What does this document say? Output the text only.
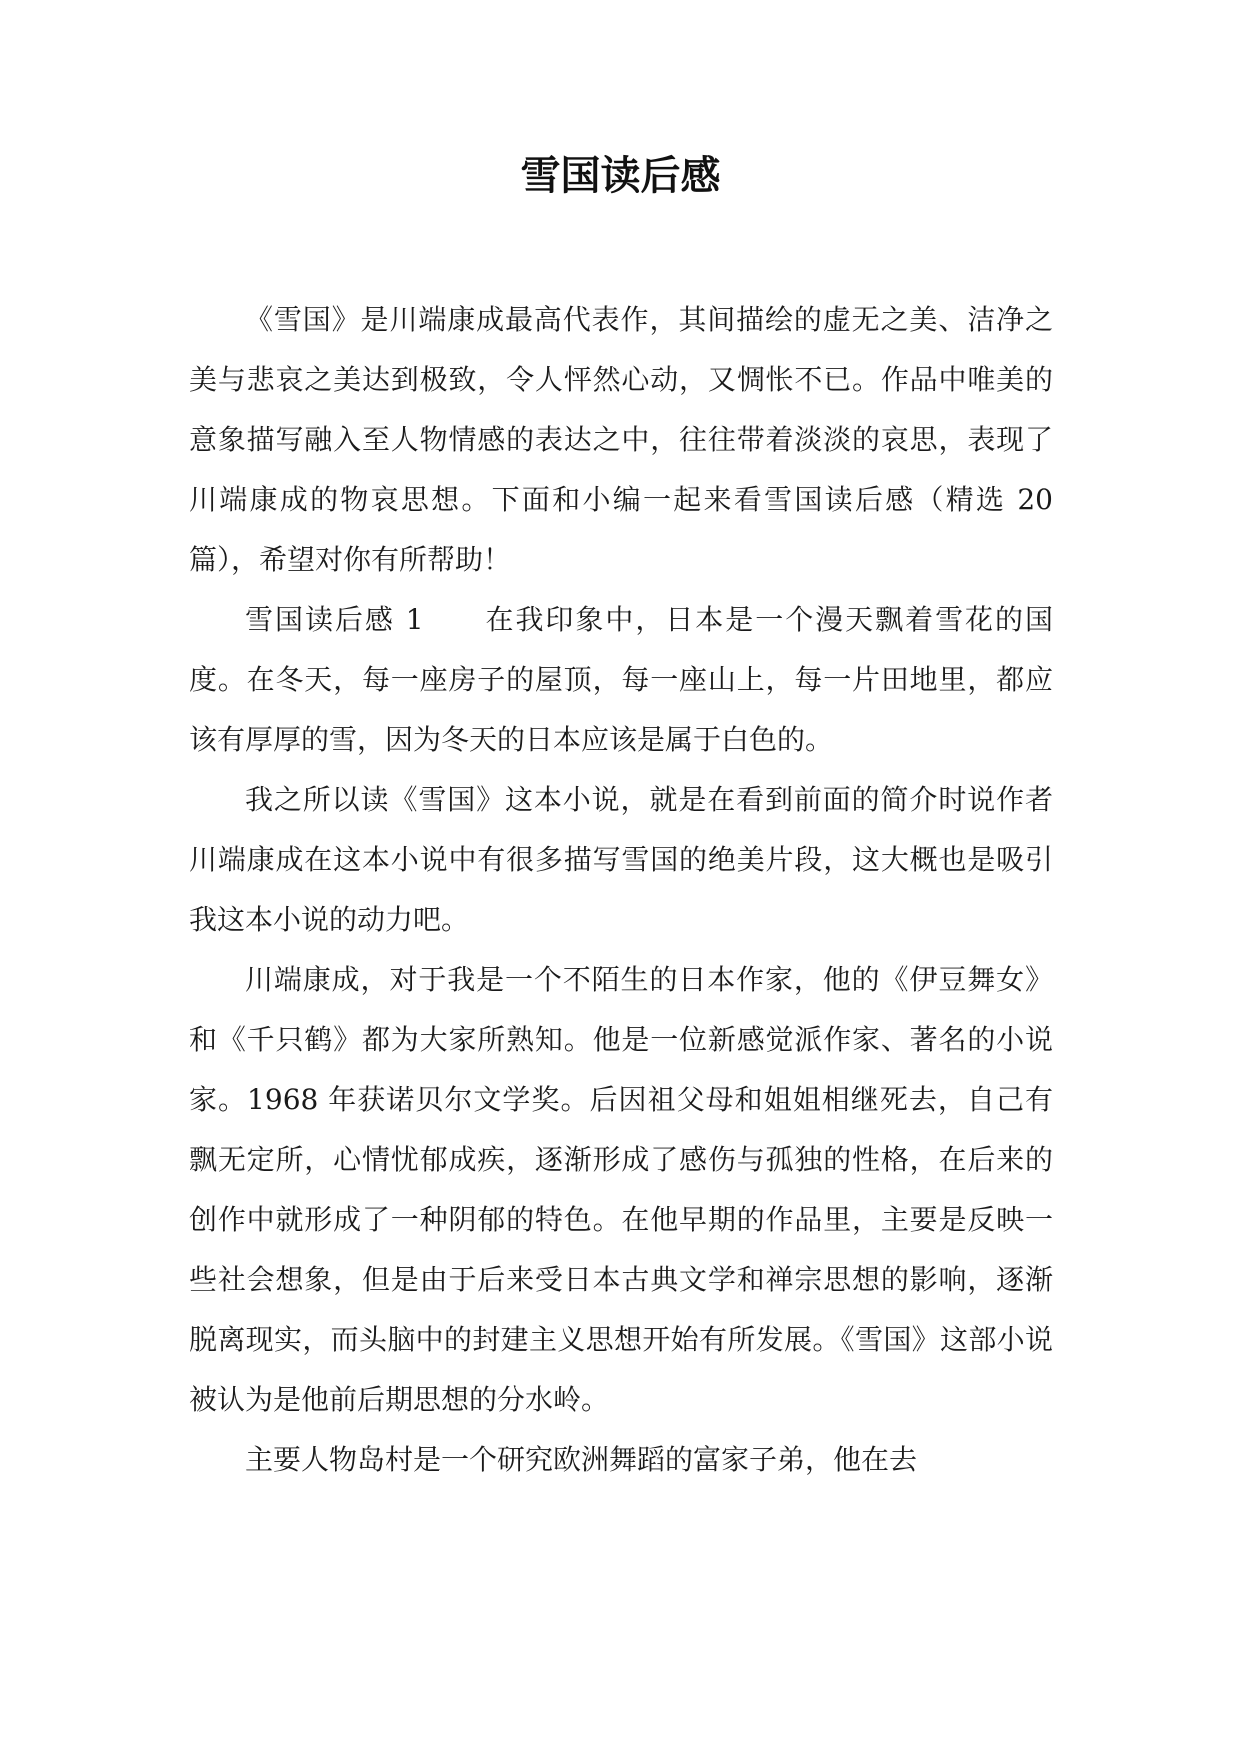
雪国读后感

《雪国》是川端康成最高代表作，其间描绘的虚无之美、洁净之美与悲哀之美达到极致，令人怦然心动，又惆怅不已。作品中唯美的意象描写融入至人物情感的表达之中，往往带着淡淡的哀思，表现了川端康成的物哀思想。下面和小编一起来看雪国读后感（精选 20 篇），希望对你有所帮助！

雪国读后感 1　　在我印象中，日本是一个漫天飘着雪花的国度。在冬天，每一座房子的屋顶，每一座山上，每一片田地里，都应该有厚厚的雪，因为冬天的日本应该是属于白色的。

我之所以读《雪国》这本小说，就是在看到前面的简介时说作者川端康成在这本小说中有很多描写雪国的绝美片段，这大概也是吸引我这本小说的动力吧。

川端康成，对于我是一个不陌生的日本作家，他的《伊豆舞女》和《千只鹤》都为大家所熟知。他是一位新感觉派作家、著名的小说家。1968 年获诺贝尔文学奖。后因祖父母和姐姐相继死去，自己有飘无定所，心情忧郁成疾，逐渐形成了感伤与孤独的性格，在后来的创作中就形成了一种阴郁的特色。在他早期的作品里，主要是反映一些社会想象，但是由于后来受日本古典文学和禅宗思想的影响，逐渐脱离现实，而头脑中的封建主义思想开始有所发展。《雪国》这部小说被认为是他前后期思想的分水岭。

主要人物岛村是一个研究欧洲舞蹈的富家子弟，他在去
